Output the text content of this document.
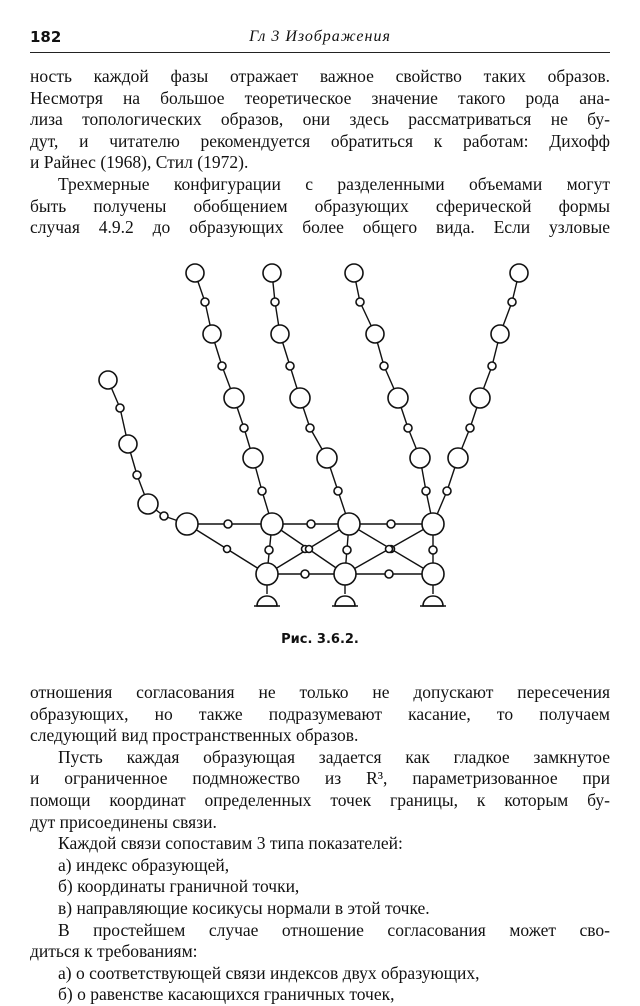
182	Гл 3 Изображения

ность каждой фазы отражает важное свойство таких образов.

Несмотря на большое теоретическое значение такого рода ана-

лиза топологических образов, они здесь рассматриваться не бу-

дут, и читателю рекомендуется обратиться к работам: Дихофф

и Райнес (1968), Стил (1972).

Трехмерные конфигурации с разделенными объемами могут

быть получены обобщением образующих сферической формы

случая 4.9.2 до образующих более общего вида. Если узловые

Рис. 3.6.2.

отношения согласования не только не допускают пересечения

образующих, но также подразумевают касание, то получаем

следующий вид пространственных образов.

Пусть каждая образующая задается как гладкое замкнутое

и ограниченное подмножество из R³, параметризованное при

помощи координат определенных точек границы, к которым бу-

дут присоединены связи.

Каждой связи сопоставим 3 типа показателей:

а) индекс образующей,

б) координаты граничной точки,

в) направляющие косикусы нормали в этой точке.

В простейшем случае отношение согласования может сво-

диться к требованиям:

а) о соответствующей связи индексов двух образующих,

б) о равенстве касающихся граничных точек,
